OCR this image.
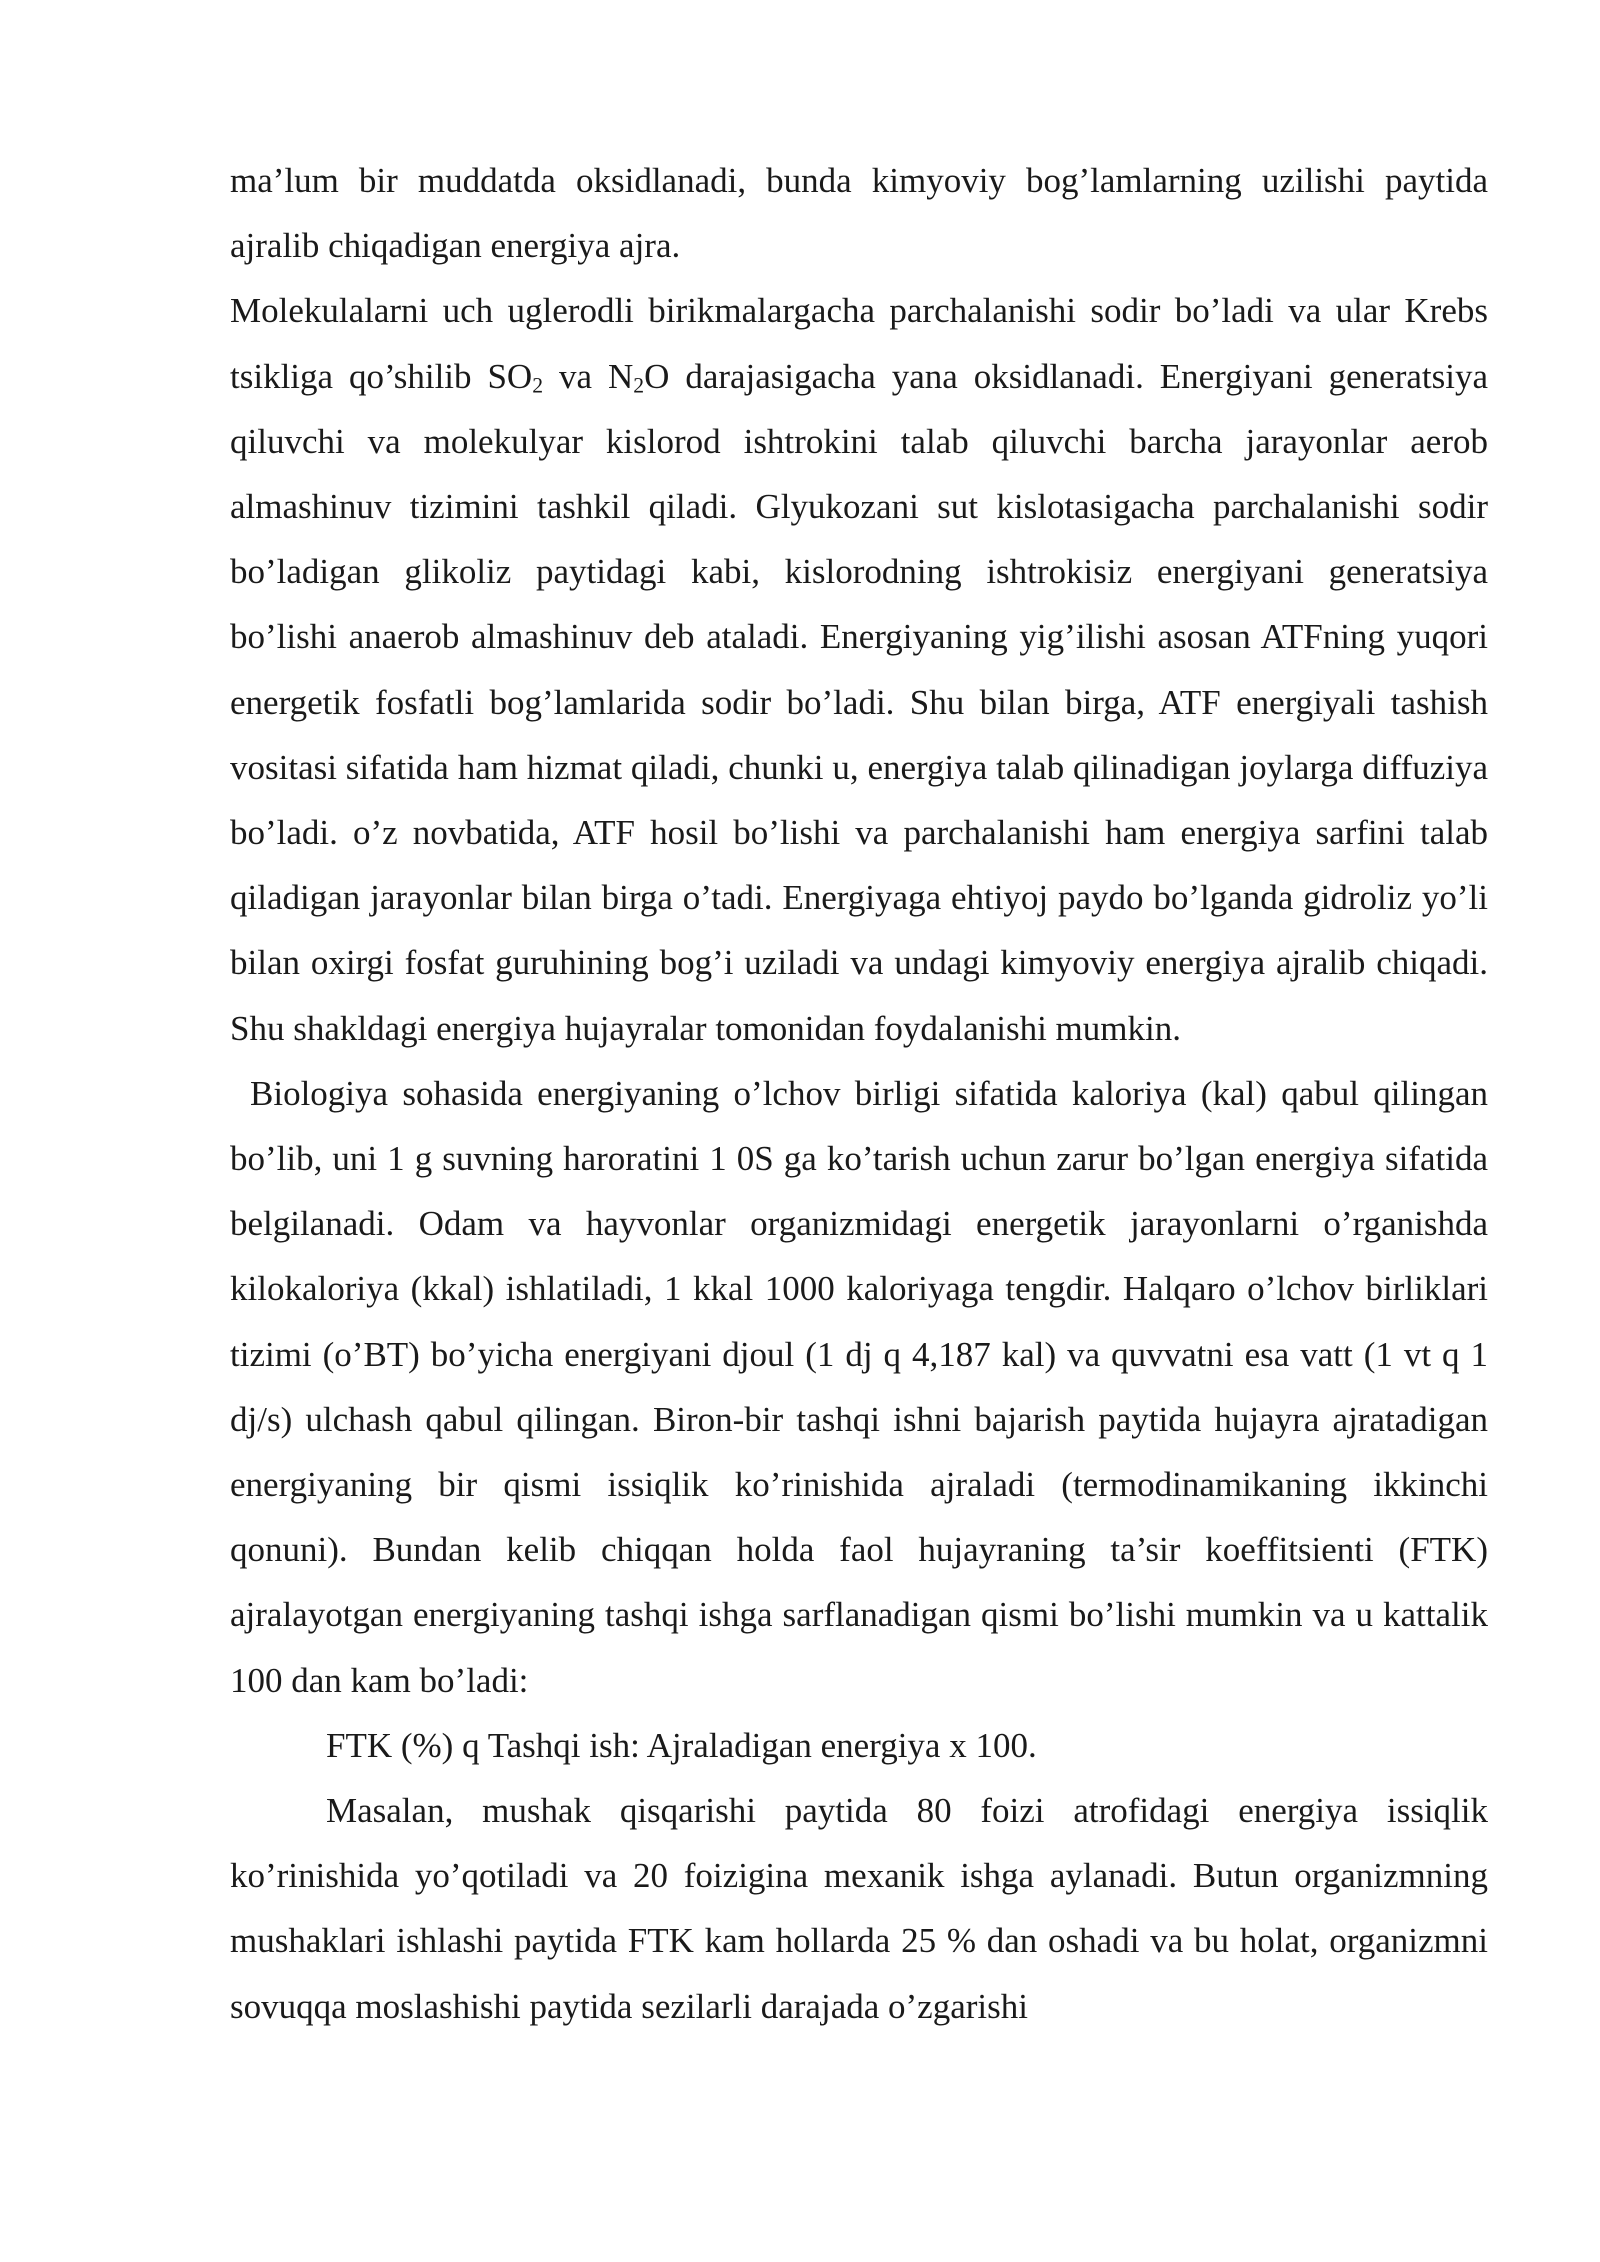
ma’lum bir muddatda oksidlanadi, bunda kimyoviy bog’lamlarning uzilishi paytida ajralib chiqadigan energiya ajra.

Molekulalarni uch uglerodli birikmalargacha parchalanishi sodir bo’ladi va ular Krebs tsikliga qo’shilib $SO_2$ va $N_2O$ darajasigacha yana oksidlanadi. Energiyani generatsiya qiluvchi va molekulyar kislorod ishtrokini talab qiluvchi barcha jarayonlar aerob almashinuv tizimini tashkil qiladi. Glyukozani sut kislotasigacha parchalanishi sodir bo’ladigan glikoliz paytidagi kabi, kislorodning ishtrokisiz energiyani generatsiya bo’lishi anaerob almashinuv deb ataladi. Energiyaning yig’ilishi asosan ATFning yuqori energetik fosfatli bog’lamlarida sodir bo’ladi. Shu bilan birga, ATF energiyali tashish vositasi sifatida ham hizmat qiladi, chunki u, energiya talab qilinadigan joylarga diffuziya bo’ladi. o’z novbatida, ATF hosil bo’lishi va parchalanishi ham energiya sarfini talab qiladigan jarayonlar bilan birga o’tadi. Energiyaga ehtiyoj paydo bo’lganda gidroliz yo’li bilan oxirgi fosfat guruhining bog’i uziladi va undagi kimyoviy energiya ajralib chiqadi. Shu shakldagi energiya hujayralar tomonidan foydalanishi mumkin.

Biologiya sohasida energiyaning o’lchov birligi sifatida kaloriya (kal) qabul qilingan bo’lib, uni 1 g suvning haroratini 1 0S ga ko’tarish uchun zarur bo’lgan energiya sifatida belgilanadi. Odam va hayvonlar organizmidagi energetik jarayonlarni o’rganishda kilokaloriya (kkal) ishlatiladi, 1 kkal 1000 kaloriyaga tengdir. Halqaro o’lchov birliklari tizimi (o’BT) bo’yicha energiyani djoul (1 dj q 4,187 kal) va quvvatni esa vatt (1 vt q 1 dj/s) ulchash qabul qilingan. Biron-bir tashqi ishni bajarish paytida hujayra ajratadigan energiyaning bir qismi issiqlik ko’rinishida ajraladi (termodinamikaning ikkinchi qonuni). Bundan kelib chiqqan holda faol hujayraning ta’sir koeffitsienti (FTK) ajralayotgan energiyaning tashqi ishga sarflanadigan qismi bo’lishi mumkin va u kattalik 100 dan kam bo’ladi:

FTK (%) q Tashqi ish: Ajraladigan energiya x 100.

Masalan, mushak qisqarishi paytida 80 foizi atrofidagi energiya issiqlik ko’rinishida yo’qotiladi va 20 foizigina mexanik ishga aylanadi. Butun organizmning mushaklari ishlashi paytida FTK kam hollarda 25 % dan oshadi va bu holat, organizmni sovuqqa moslashishi paytida sezilarli darajada o’zgarishi
